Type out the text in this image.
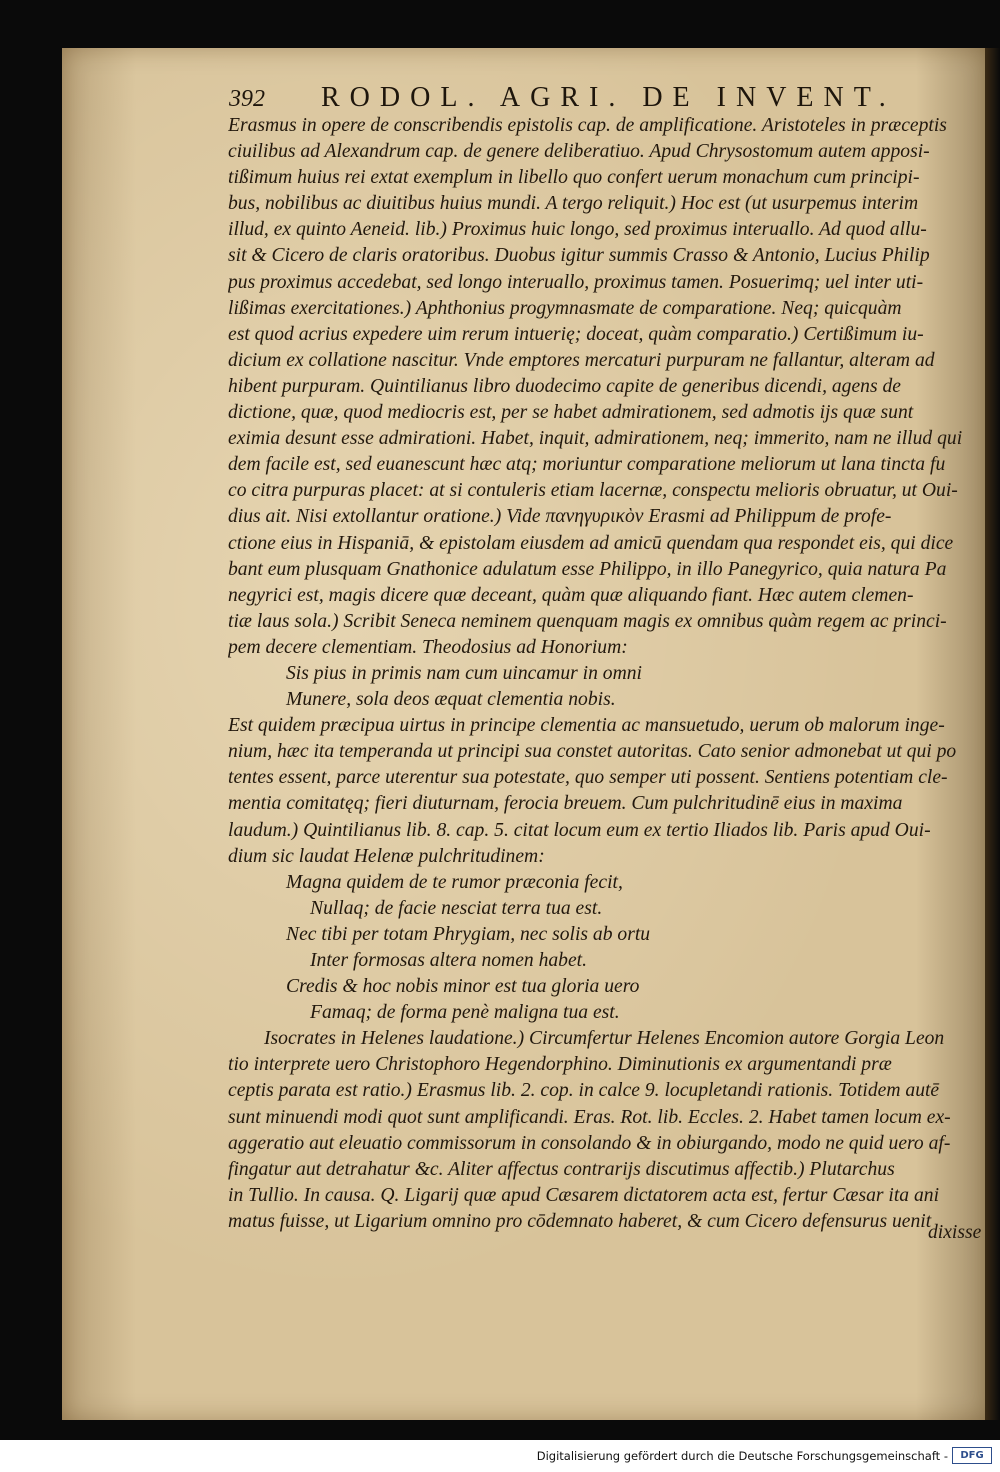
392 RODOL. AGRI. DE INVENT.
Erasmus in opere de conscribendis epistolis cap. de amplificatione. Aristoteles in præceptis
ciuilibus ad Alexandrum cap. de genere deliberatiuo. Apud Chrysostomum autem apposi-
tißimum huius rei extat exemplum in libello quo confert uerum monachum cum principi-
bus, nobilibus ac diuitibus huius mundi. A tergo reliquit.) Hoc est (ut usurpemus interim
illud, ex quinto Aeneid. lib.) Proximus huic longo, sed proximus interuallo. Ad quod allu-
sit & Cicero de claris oratoribus. Duobus igitur summis Crasso & Antonio, Lucius Philip
pus proximus accedebat, sed longo interuallo, proximus tamen. Posuerimq; uel inter uti-
lißimas exercitationes.) Aphthonius progymnasmate de comparatione. Neq; quicquàm
est quod acrius expedere uim rerum intuerię; doceat, quàm comparatio.) Certißimum iu-
dicium ex collatione nascitur. Vnde emptores mercaturi purpuram ne fallantur, alteram ad
hibent purpuram. Quintilianus libro duodecimo capite de generibus dicendi, agens de
dictione, quæ, quod mediocris est, per se habet admirationem, sed admotis ijs quæ sunt
eximia desunt esse admirationi. Habet, inquit, admirationem, neq; immerito, nam ne illud qui
dem facile est, sed euanescunt hæc atq; moriuntur comparatione meliorum ut lana tincta fu
co citra purpuras placet: at si contuleris etiam lacernæ, conspectu melioris obruatur, ut Oui-
dius ait. Nisi extollantur oratione.) Vide πανηγυρικὸν Erasmi ad Philippum de profe-
ctione eius in Hispaniā, & epistolam eiusdem ad amicū quendam qua respondet eis, qui dice
bant eum plusquam Gnathonice adulatum esse Philippo, in illo Panegyrico, quia natura Pa
negyrici est, magis dicere quæ deceant, quàm quæ aliquando fiant. Hæc autem clemen-
tiæ laus sola.) Scribit Seneca neminem quenquam magis ex omnibus quàm regem ac princi-
pem decere clementiam. Theodosius ad Honorium:
Sis pius in primis nam cum uincamur in omni
Munere, sola deos æquat clementia nobis.
Est quidem præcipua uirtus in principe clementia ac mansuetudo, uerum ob malorum inge-
nium, hæc ita temperanda ut principi sua constet autoritas. Cato senior admonebat ut qui po
tentes essent, parce uterentur sua potestate, quo semper uti possent. Sentiens potentiam cle-
mentia comitatęq; fieri diuturnam, ferocia breuem. Cum pulchritudinē eius in maxima
laudum.) Quintilianus lib. 8. cap. 5. citat locum eum ex tertio Iliados lib. Paris apud Oui-
dium sic laudat Helenæ pulchritudinem:
Magna quidem de te rumor præconia fecit,
Nullaq; de facie nesciat terra tua est.
Nec tibi per totam Phrygiam, nec solis ab ortu
Inter formosas altera nomen habet.
Credis & hoc nobis minor est tua gloria uero
Famaq; de forma penè maligna tua est.
Isocrates in Helenes laudatione.) Circumfertur Helenes Encomion autore Gorgia Leon
tio interprete uero Christophoro Hegendorphino. Diminutionis ex argumentandi præ
ceptis parata est ratio.) Erasmus lib. 2. cop. in calce 9. locupletandi rationis. Totidem autē
sunt minuendi modi quot sunt amplificandi. Eras. Rot. lib. Eccles. 2. Habet tamen locum ex-
aggeratio aut eleuatio commissorum in consolando & in obiurgando, modo ne quid uero af-
fingatur aut detrahatur &c. Aliter affectus contrarijs discutimus affectib.) Plutarchus
in Tullio. In causa. Q. Ligarij quæ apud Cæsarem dictatorem acta est, fertur Cæsar ita ani
matus fuisse, ut Ligarium omnino pro cōdemnato haberet, & cum Cicero defensurus uenit
dixisse
Digitalisierung gefördert durch die Deutsche Forschungsgemeinschaft -	DFG
